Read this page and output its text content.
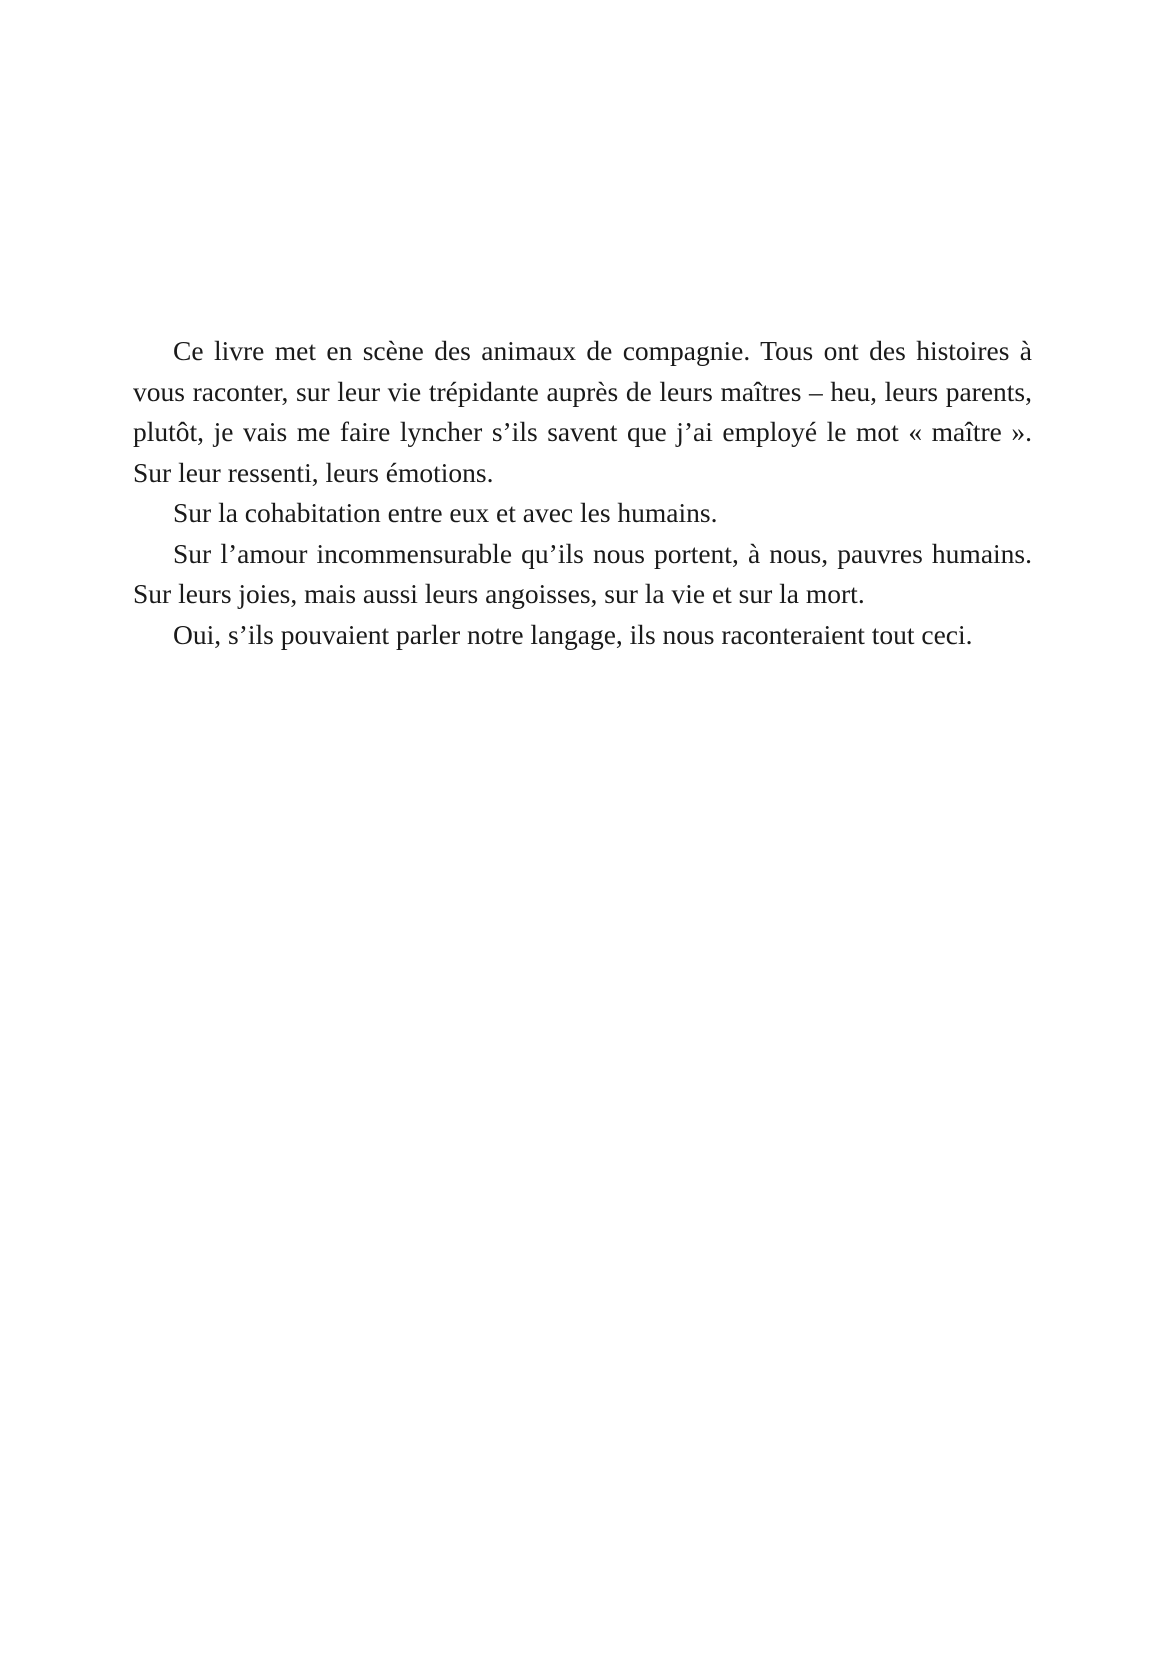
Ce livre met en scène des animaux de compagnie. Tous ont des histoires à vous raconter, sur leur vie trépidante auprès de leurs maîtres – heu, leurs parents, plutôt, je vais me faire lyncher s’ils savent que j’ai employé le mot « maître ». Sur leur ressenti, leurs émotions.

Sur la cohabitation entre eux et avec les humains.

Sur l’amour incommensurable qu’ils nous portent, à nous, pauvres humains. Sur leurs joies, mais aussi leurs angoisses, sur la vie et sur la mort.

Oui, s’ils pouvaient parler notre langage, ils nous raconteraient tout ceci.
